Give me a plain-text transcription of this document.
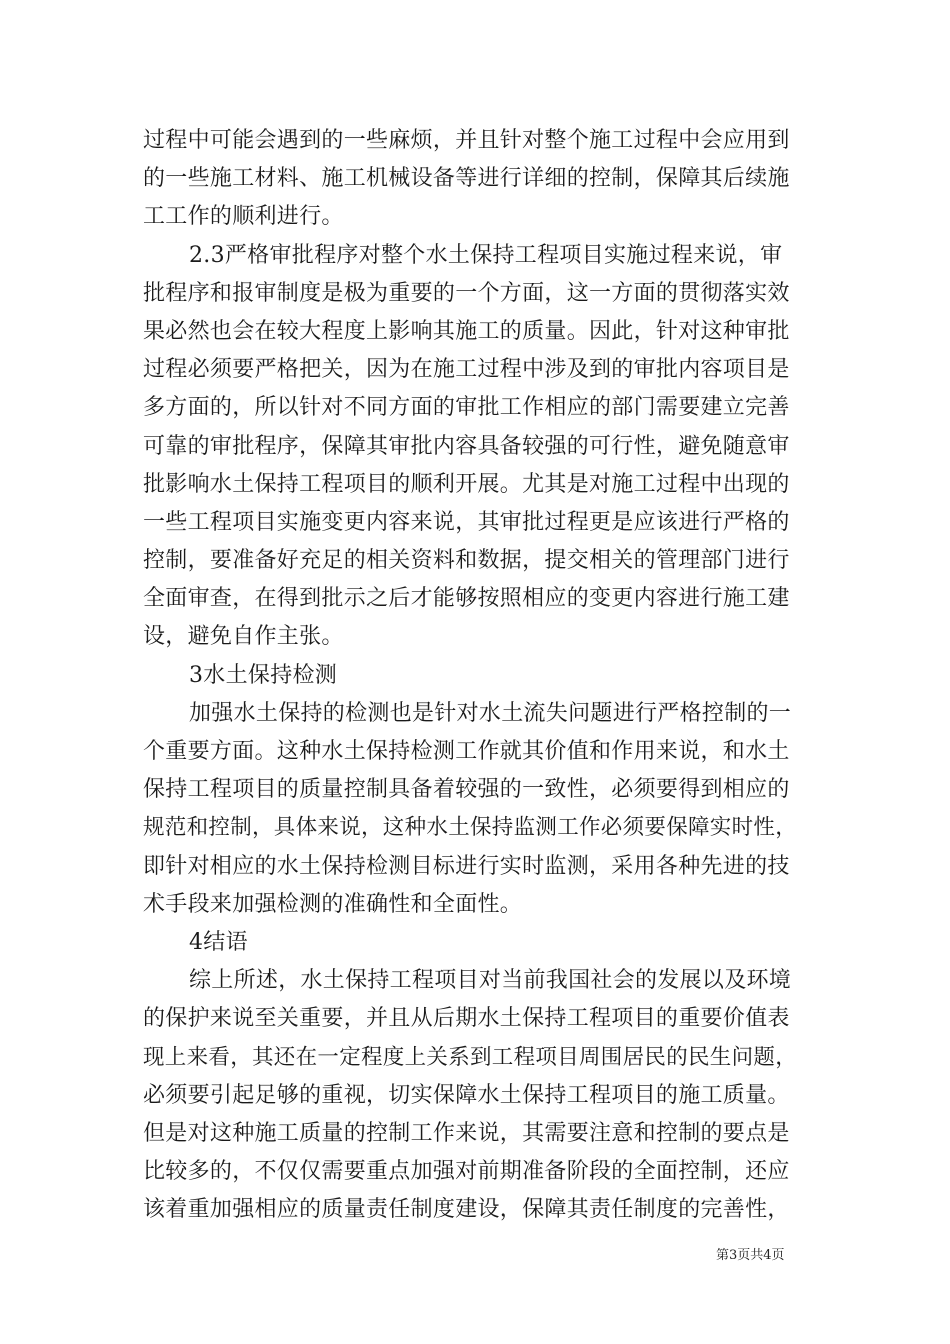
过程中可能会遇到的一些麻烦，并且针对整个施工过程中会应用到
的一些施工材料、施工机械设备等进行详细的控制，保障其后续施
工工作的顺利进行。
2.3严格审批程序对整个水土保持工程项目实施过程来说，审
批程序和报审制度是极为重要的一个方面，这一方面的贯彻落实效
果必然也会在较大程度上影响其施工的质量。因此，针对这种审批
过程必须要严格把关，因为在施工过程中涉及到的审批内容项目是
多方面的，所以针对不同方面的审批工作相应的部门需要建立完善
可靠的审批程序，保障其审批内容具备较强的可行性，避免随意审
批影响水土保持工程项目的顺利开展。尤其是对施工过程中出现的
一些工程项目实施变更内容来说，其审批过程更是应该进行严格的
控制，要准备好充足的相关资料和数据，提交相关的管理部门进行
全面审查，在得到批示之后才能够按照相应的变更内容进行施工建
设，避免自作主张。
3水土保持检测
加强水土保持的检测也是针对水土流失问题进行严格控制的一
个重要方面。这种水土保持检测工作就其价值和作用来说，和水土
保持工程项目的质量控制具备着较强的一致性，必须要得到相应的
规范和控制，具体来说，这种水土保持监测工作必须要保障实时性，
即针对相应的水土保持检测目标进行实时监测，采用各种先进的技
术手段来加强检测的准确性和全面性。
4结语
综上所述，水土保持工程项目对当前我国社会的发展以及环境
的保护来说至关重要，并且从后期水土保持工程项目的重要价值表
现上来看，其还在一定程度上关系到工程项目周围居民的民生问题，
必须要引起足够的重视，切实保障水土保持工程项目的施工质量。
但是对这种施工质量的控制工作来说，其需要注意和控制的要点是
比较多的，不仅仅需要重点加强对前期准备阶段的全面控制，还应
该着重加强相应的质量责任制度建设，保障其责任制度的完善性，
第3页共4页
